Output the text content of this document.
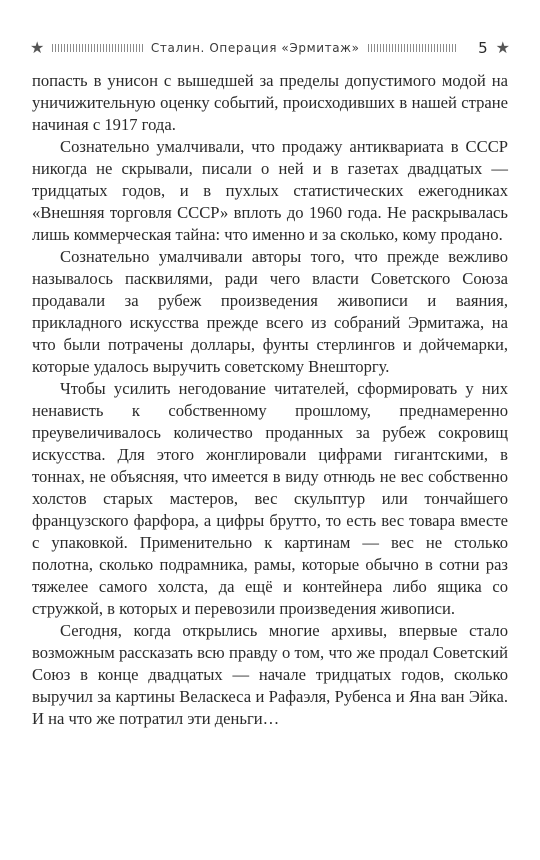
★	Сталин. Операция «Эрмитаж»	5 ★

попасть в унисон с вышедшей за пределы допустимого модой на уничижительную оценку событий, происходивших в нашей стране начиная с 1917 года.

Сознательно умалчивали, что продажу антиквариата в СССР никогда не скрывали, писали о ней и в газетах двадцатых — тридцатых годов, и в пухлых статистических ежегодниках «Внешняя торговля СССР» вплоть до 1960 года. Не раскрывалась лишь коммерческая тайна: что именно и за сколько, кому продано.

Сознательно умалчивали авторы того, что прежде вежливо называлось пасквилями, ради чего власти Советского Союза продавали за рубеж произведения живописи и ваяния, прикладного искусства прежде всего из собраний Эрмитажа, на что были потрачены доллары, фунты стерлингов и дойчемарки, которые удалось выручить советскому Внешторгу.

Чтобы усилить негодование читателей, сформировать у них ненависть к собственному прошлому, преднамеренно преувеличивалось количество проданных за рубеж сокровищ искусства. Для этого жонглировали цифрами гигантскими, в тоннах, не объясняя, что имеется в виду отнюдь не вес собственно холстов старых мастеров, вес скульптур или тончайшего французского фарфора, а цифры брутто, то есть вес товара вместе с упаковкой. Применительно к картинам — вес не столько полотна, сколько подрамника, рамы, которые обычно в сотни раз тяжелее самого холста, да ещё и контейнера либо ящика со стружкой, в которых и перевозили произведения живописи.

Сегодня, когда открылись многие архивы, впервые стало возможным рассказать всю правду о том, что же продал Советский Союз в конце двадцатых — начале тридцатых годов, сколько выручил за картины Веласкеса и Рафаэля, Рубенса и Яна ван Эйка. И на что же потратил эти деньги…
